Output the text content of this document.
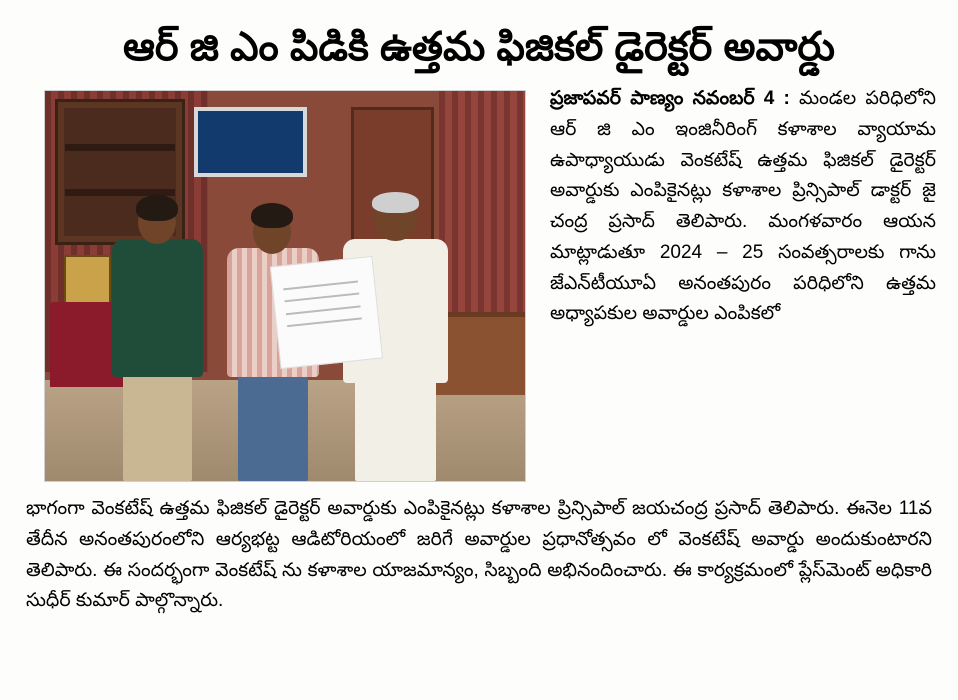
ఆర్ జి ఎం పిడికి ఉత్తమ ఫిజికల్ డైరెక్టర్ అవార్డు
ప్రజాపవర్ పాణ్యం నవంబర్ 4 : మండల పరిధిలోని ఆర్ జి ఎం ఇంజినీరింగ్ కళాశాల వ్యాయామ ఉపాధ్యాయుడు వెంకటేష్ ఉత్తమ ఫిజికల్ డైరెక్టర్ అవార్డుకు ఎంపికైనట్లు కళాశాల ప్రిన్సిపాల్ డాక్టర్ జై చంద్ర ప్రసాద్ తెలిపారు. మంగళవారం ఆయన మాట్లాడుతూ 2024 – 25 సంవత్సరాలకు గాను జేఎన్‌టీయూఏ అనంతపురం పరిధిలోని ఉత్తమ అధ్యాపకుల అవార్డుల ఎంపికలో
భాగంగా వెంకటేష్ ఉత్తమ ఫిజికల్ డైరెక్టర్ అవార్డుకు ఎంపికైనట్లు కళాశాల ప్రిన్సిపాల్ జయచంద్ర ప్రసాద్ తెలిపారు. ఈనెల 11వ తేదీన అనంతపురంలోని ఆర్యభట్ట ఆడిటోరియంలో జరిగే అవార్డుల ప్రధానోత్సవం లో వెంకటేష్ అవార్డు అందుకుంటారని తెలిపారు. ఈ సందర్భంగా వెంకటేష్ ను కళాశాల యాజమాన్యం, సిబ్బంది అభినందించారు. ఈ కార్యక్రమంలో ప్లేస్‌మెంట్ అధికారి సుధీర్ కుమార్ పాల్గొన్నారు.
